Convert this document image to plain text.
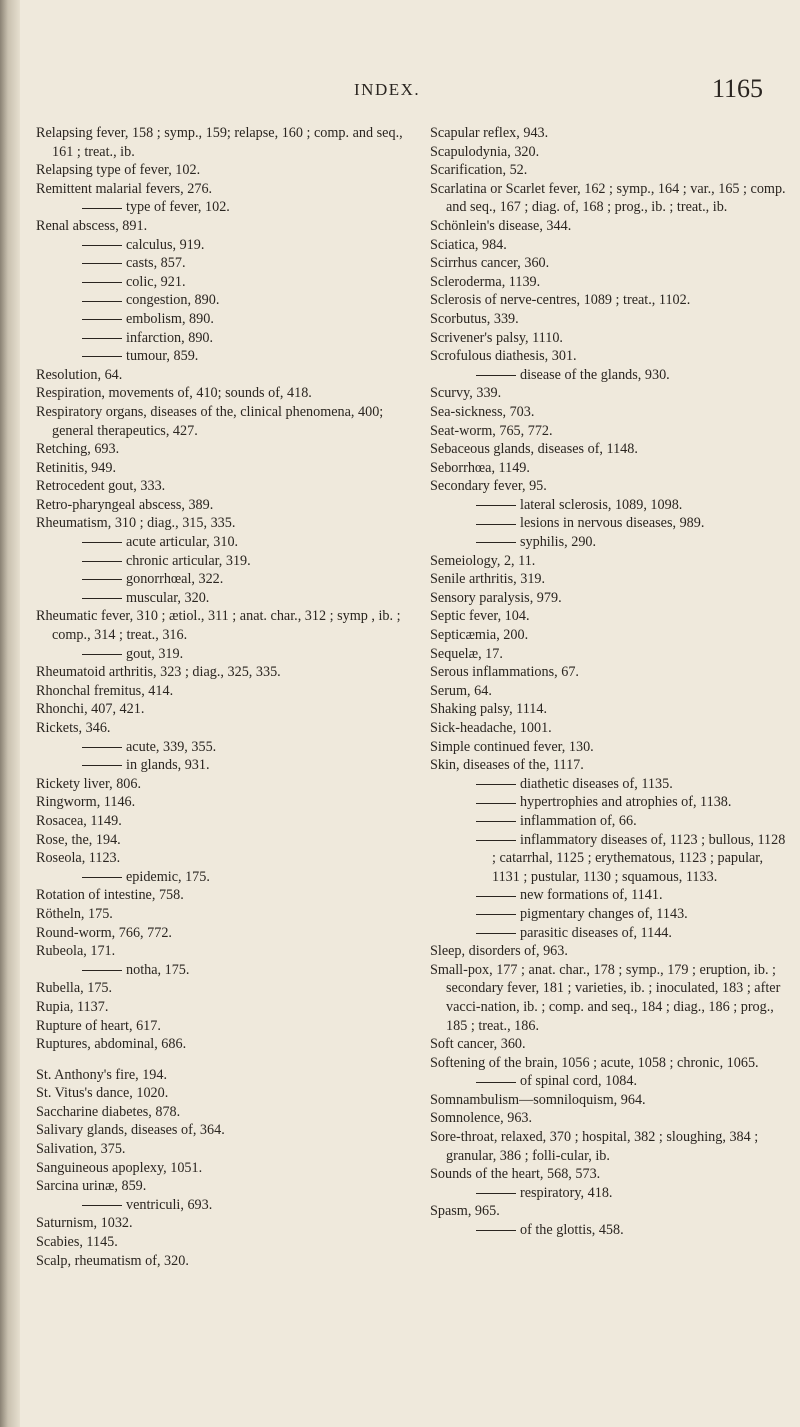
INDEX.	1165

Relapsing fever, 158 ; symp., 159; relapse, 160 ; comp. and seq., 161 ; treat., ib.

Relapsing type of fever, 102.

Remittent malarial fevers, 276.

type of fever, 102.

Renal abscess, 891.

calculus, 919.

casts, 857.

colic, 921.

congestion, 890.

embolism, 890.

infarction, 890.

tumour, 859.

Resolution, 64.

Respiration, movements of, 410; sounds of, 418.

Respiratory organs, diseases of the, clinical phenomena, 400; general therapeutics, 427.

Retching, 693.

Retinitis, 949.

Retrocedent gout, 333.

Retro-pharyngeal abscess, 389.

Rheumatism, 310 ; diag., 315, 335.

acute articular, 310.

chronic articular, 319.

gonorrhœal, 322.

muscular, 320.

Rheumatic fever, 310 ; ætiol., 311 ; anat. char., 312 ; symp , ib. ; comp., 314 ; treat., 316.

gout, 319.

Rheumatoid arthritis, 323 ; diag., 325, 335.

Rhonchal fremitus, 414.

Rhonchi, 407, 421.

Rickets, 346.

acute, 339, 355.

in glands, 931.

Rickety liver, 806.

Ringworm, 1146.

Rosacea, 1149.

Rose, the, 194.

Roseola, 1123.

epidemic, 175.

Rotation of intestine, 758.

Rötheln, 175.

Round-worm, 766, 772.

Rubeola, 171.

notha, 175.

Rubella, 175.

Rupia, 1137.

Rupture of heart, 617.

Ruptures, abdominal, 686.

St. Anthony's fire, 194.

St. Vitus's dance, 1020.

Saccharine diabetes, 878.

Salivary glands, diseases of, 364.

Salivation, 375.

Sanguineous apoplexy, 1051.

Sarcina urinæ, 859.

ventriculi, 693.

Saturnism, 1032.

Scabies, 1145.

Scalp, rheumatism of, 320.

Scapular reflex, 943.

Scapulodynia, 320.

Scarification, 52.

Scarlatina or Scarlet fever, 162 ; symp., 164 ; var., 165 ; comp. and seq., 167 ; diag. of, 168 ; prog., ib. ; treat., ib.

Schönlein's disease, 344.

Sciatica, 984.

Scirrhus cancer, 360.

Scleroderma, 1139.

Sclerosis of nerve-centres, 1089 ; treat., 1102.

Scorbutus, 339.

Scrivener's palsy, 1110.

Scrofulous diathesis, 301.

disease of the glands, 930.

Scurvy, 339.

Sea-sickness, 703.

Seat-worm, 765, 772.

Sebaceous glands, diseases of, 1148.

Seborrhœa, 1149.

Secondary fever, 95.

lateral sclerosis, 1089, 1098.

lesions in nervous diseases, 989.

syphilis, 290.

Semeiology, 2, 11.

Senile arthritis, 319.

Sensory paralysis, 979.

Septic fever, 104.

Septicæmia, 200.

Sequelæ, 17.

Serous inflammations, 67.

Serum, 64.

Shaking palsy, 1114.

Sick-headache, 1001.

Simple continued fever, 130.

Skin, diseases of the, 1117.

diathetic diseases of, 1135.

hypertrophies and atrophies of, 1138.

inflammation of, 66.

inflammatory diseases of, 1123 ; bullous, 1128 ; catarrhal, 1125 ; erythematous, 1123 ; papular, 1131 ; pustular, 1130 ; squamous, 1133.

new formations of, 1141.

pigmentary changes of, 1143.

parasitic diseases of, 1144.

Sleep, disorders of, 963.

Small-pox, 177 ; anat. char., 178 ; symp., 179 ; eruption, ib. ; secondary fever, 181 ; varieties, ib. ; inoculated, 183 ; after vacci-nation, ib. ; comp. and seq., 184 ; diag., 186 ; prog., 185 ; treat., 186.

Soft cancer, 360.

Softening of the brain, 1056 ; acute, 1058 ; chronic, 1065.

of spinal cord, 1084.

Somnambulism—somniloquism, 964.

Somnolence, 963.

Sore-throat, relaxed, 370 ; hospital, 382 ; sloughing, 384 ; granular, 386 ; folli-cular, ib.

Sounds of the heart, 568, 573.

respiratory, 418.

Spasm, 965.

of the glottis, 458.
